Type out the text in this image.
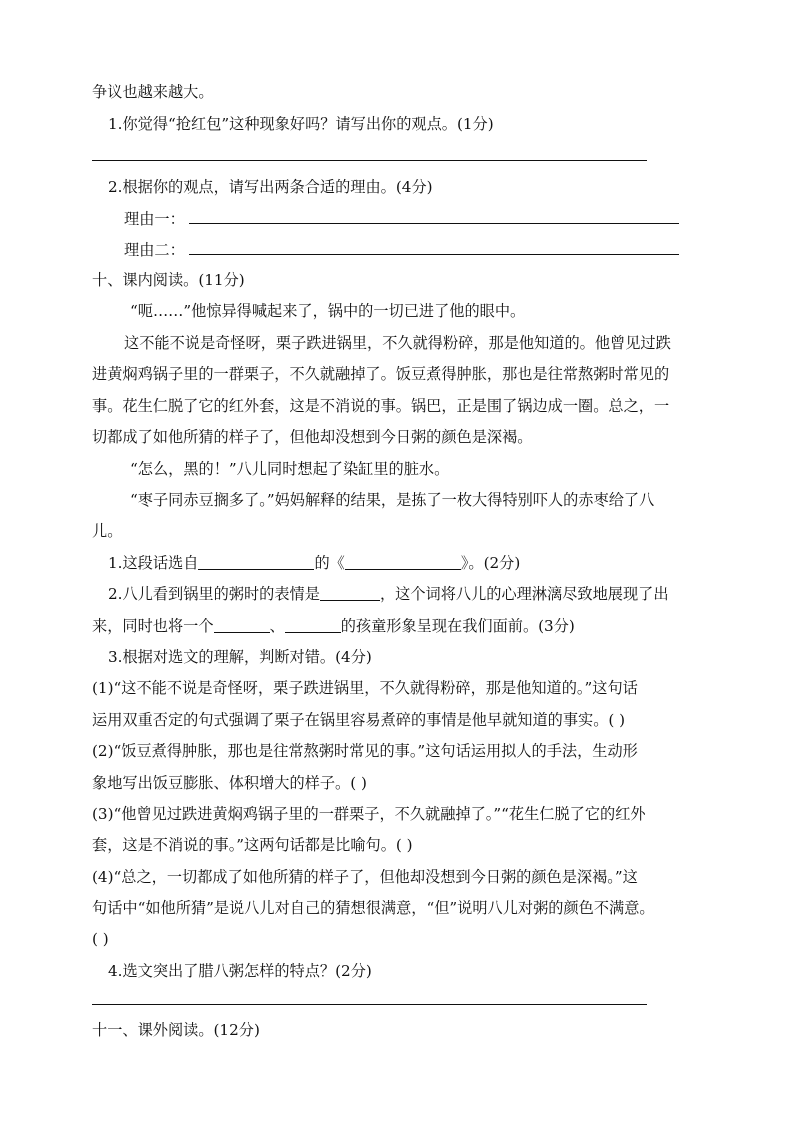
争议也越来越大。
1.你觉得“抢红包”这种现象好吗？请写出你的观点。(1分)
2.根据你的观点，请写出两条合适的理由。(4分)
理由一：
理由二：
十、课内阅读。(11分)
“呃……”他惊异得喊起来了，锅中的一切已进了他的眼中。
这不能不说是奇怪呀，栗子跌进锅里，不久就得粉碎，那是他知道的。他曾见过跌
进黄焖鸡锅子里的一群栗子，不久就融掉了。饭豆煮得肿胀，那也是往常熬粥时常见的
事。花生仁脱了它的红外套，这是不消说的事。锅巴，正是围了锅边成一圈。总之，一
切都成了如他所猜的样子了，但他却没想到今日粥的颜色是深褐。
“怎么，黑的！”八儿同时想起了染缸里的脏水。
“枣子同赤豆搁多了。”妈妈解释的结果，是拣了一枚大得特别吓人的赤枣给了八
儿。
1.这段话选自	的《	》。(2分)
2.八儿看到锅里的粥时的表情是	，这个词将八儿的心理淋漓尽致地展现了出
来，同时也将一个	、	的孩童形象呈现在我们面前。(3分)
3.根据对选文的理解，判断对错。(4分)
(1)“这不能不说是奇怪呀，栗子跌进锅里，不久就得粉碎，那是他知道的。”这句话
运用双重否定的句式强调了栗子在锅里容易煮碎的事情是他早就知道的事实。( )
(2)“饭豆煮得肿胀，那也是往常熬粥时常见的事。”这句话运用拟人的手法，生动形
象地写出饭豆膨胀、体积增大的样子。( )
(3)“他曾见过跌进黄焖鸡锅子里的一群栗子，不久就融掉了。”“花生仁脱了它的红外
套，这是不消说的事。”这两句话都是比喻句。( )
(4)“总之，一切都成了如他所猜的样子了，但他却没想到今日粥的颜色是深褐。”这
句话中“如他所猜”是说八儿对自己的猜想很满意，“但”说明八儿对粥的颜色不满意。
( )
4.选文突出了腊八粥怎样的特点？(2分)
十一、课外阅读。(12分)
